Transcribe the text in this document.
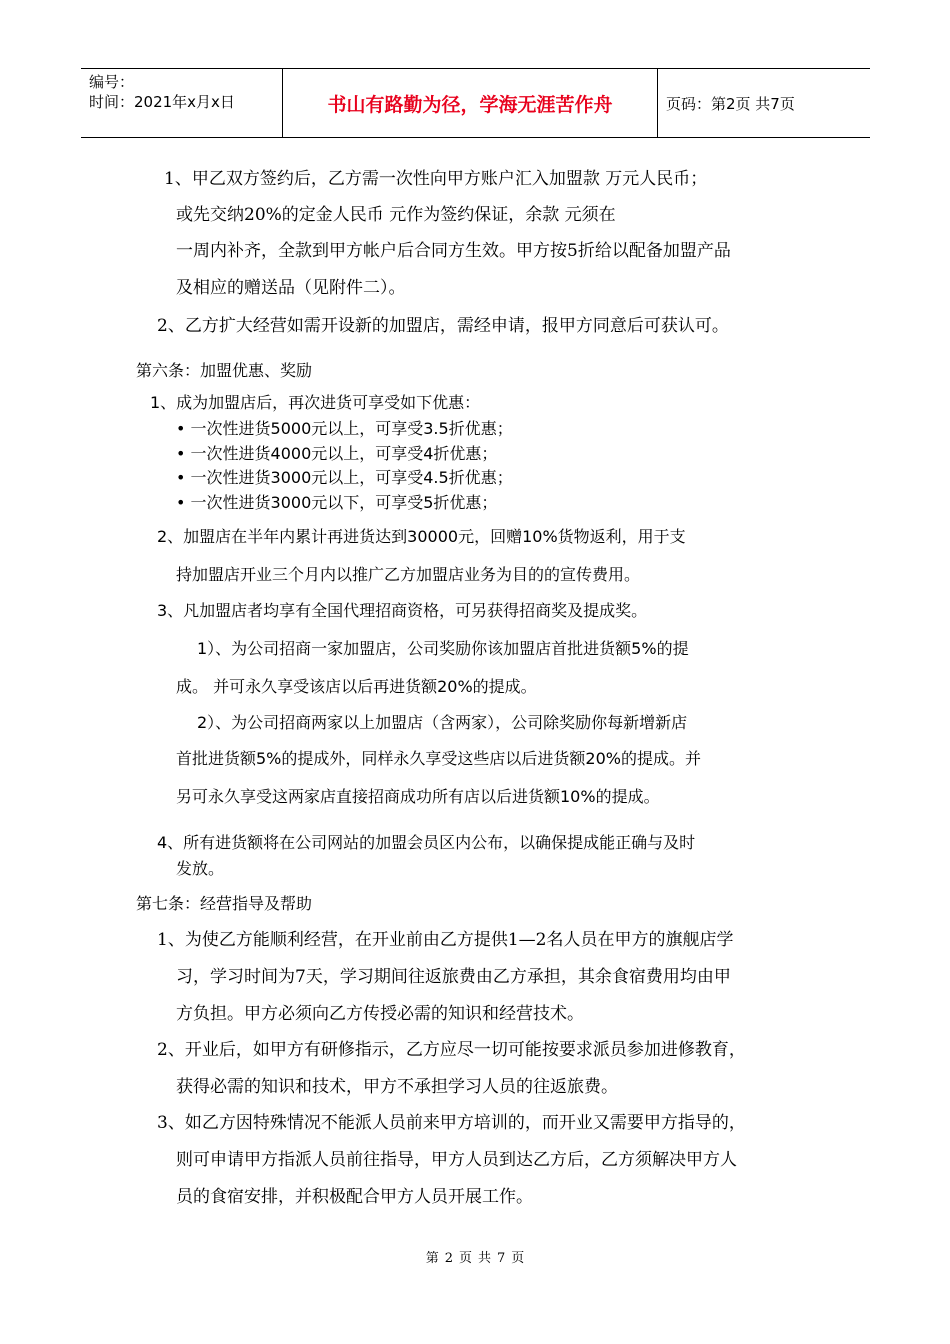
编号：
时间：2021年x月x日	书山有路勤为径，学海无涯苦作舟	页码：第2页 共7页
1、甲乙双方签约后，乙方需一次性向甲方账户汇入加盟款 万元人民币；
或先交纳20%的定金人民币 元作为签约保证，余款 元须在
一周内补齐，全款到甲方帐户后合同方生效。甲方按5折给以配备加盟产品
及相应的赠送品（见附件二）。
2、乙方扩大经营如需开设新的加盟店，需经申请，报甲方同意后可获认可。
第六条：加盟优惠、奖励
1、成为加盟店后，再次进货可享受如下优惠：
• 一次性进货5000元以上，可享受3.5折优惠；
• 一次性进货4000元以上，可享受4折优惠；
• 一次性进货3000元以上，可享受4.5折优惠；
• 一次性进货3000元以下，可享受5折优惠；
2、加盟店在半年内累计再进货达到30000元，回赠10%货物返利，用于支
持加盟店开业三个月内以推广乙方加盟店业务为目的的宣传费用。
3、凡加盟店者均享有全国代理招商资格，可另获得招商奖及提成奖。
1）、为公司招商一家加盟店，公司奖励你该加盟店首批进货额5%的提
成。 并可永久享受该店以后再进货额20%的提成。
2）、为公司招商两家以上加盟店（含两家），公司除奖励你每新增新店
首批进货额5%的提成外，同样永久享受这些店以后进货额20%的提成。并
另可永久享受这两家店直接招商成功所有店以后进货额10%的提成。
4、所有进货额将在公司网站的加盟会员区内公布，以确保提成能正确与及时
发放。
第七条：经营指导及帮助
1、为使乙方能顺利经营，在开业前由乙方提供1—2名人员在甲方的旗舰店学
习，学习时间为7天，学习期间往返旅费由乙方承担，其余食宿费用均由甲
方负担。甲方必须向乙方传授必需的知识和经营技术。
2、开业后，如甲方有研修指示，乙方应尽一切可能按要求派员参加进修教育，
获得必需的知识和技术，甲方不承担学习人员的往返旅费。
3、如乙方因特殊情况不能派人员前来甲方培训的，而开业又需要甲方指导的，
则可申请甲方指派人员前往指导，甲方人员到达乙方后，乙方须解决甲方人
员的食宿安排，并积极配合甲方人员开展工作。
第 2 页 共 7 页
